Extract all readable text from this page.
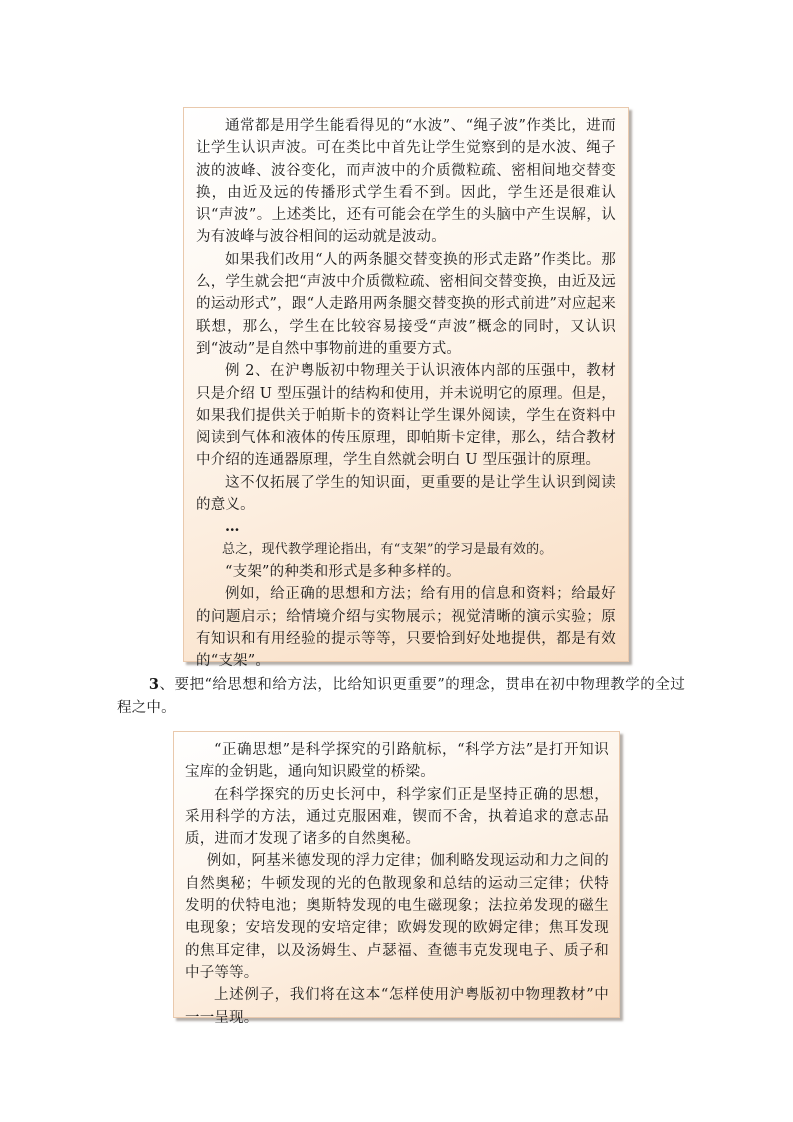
通常都是用学生能看得见的“水波”、“绳子波”作类比，进而让学生认识声波。可在类比中首先让学生觉察到的是水波、绳子波的波峰、波谷变化，而声波中的介质微粒疏、密相间地交替变换，由近及远的传播形式学生看不到。因此，学生还是很难认识“声波”。上述类比，还有可能会在学生的头脑中产生误解，认为有波峰与波谷相间的运动就是波动。

如果我们改用“人的两条腿交替变换的形式走路”作类比。那么，学生就会把“声波中介质微粒疏、密相间交替变换，由近及远的运动形式”，跟“人走路用两条腿交替变换的形式前进”对应起来联想，那么，学生在比较容易接受“声波”概念的同时，又认识到“波动”是自然中事物前进的重要方式。

例 2、在沪粤版初中物理关于认识液体内部的压强中，教材只是介绍 U 型压强计的结构和使用，并未说明它的原理。但是，如果我们提供关于帕斯卡的资料让学生课外阅读，学生在资料中阅读到气体和液体的传压原理，即帕斯卡定律，那么，结合教材中介绍的连通器原理，学生自然就会明白 U 型压强计的原理。

这不仅拓展了学生的知识面，更重要的是让学生认识到阅读的意义。

…

总之，现代教学理论指出，有“支架”的学习是最有效的。

“支架”的种类和形式是多种多样的。

例如，给正确的思想和方法；给有用的信息和资料；给最好的问题启示；给情境介绍与实物展示；视觉清晰的演示实验；原有知识和有用经验的提示等等，只要恰到好处地提供，都是有效的“支架”。

3、要把“给思想和给方法，比给知识更重要”的理念，贯串在初中物理教学的全过程之中。

“正确思想”是科学探究的引路航标，“科学方法”是打开知识宝库的金钥匙，通向知识殿堂的桥梁。

在科学探究的历史长河中，科学家们正是坚持正确的思想，采用科学的方法，通过克服困难，锲而不舍，执着追求的意志品质，进而才发现了诸多的自然奥秘。

例如，阿基米德发现的浮力定律；伽利略发现运动和力之间的自然奥秘；牛顿发现的光的色散现象和总结的运动三定律；伏特发明的伏特电池；奥斯特发现的电生磁现象；法拉弟发现的磁生电现象；安培发现的安培定律；欧姆发现的欧姆定律；焦耳发现的焦耳定律，以及汤姆生、卢瑟福、查德韦克发现电子、质子和中子等等。

上述例子，我们将在这本“怎样使用沪粤版初中物理教材”中一一呈现。
